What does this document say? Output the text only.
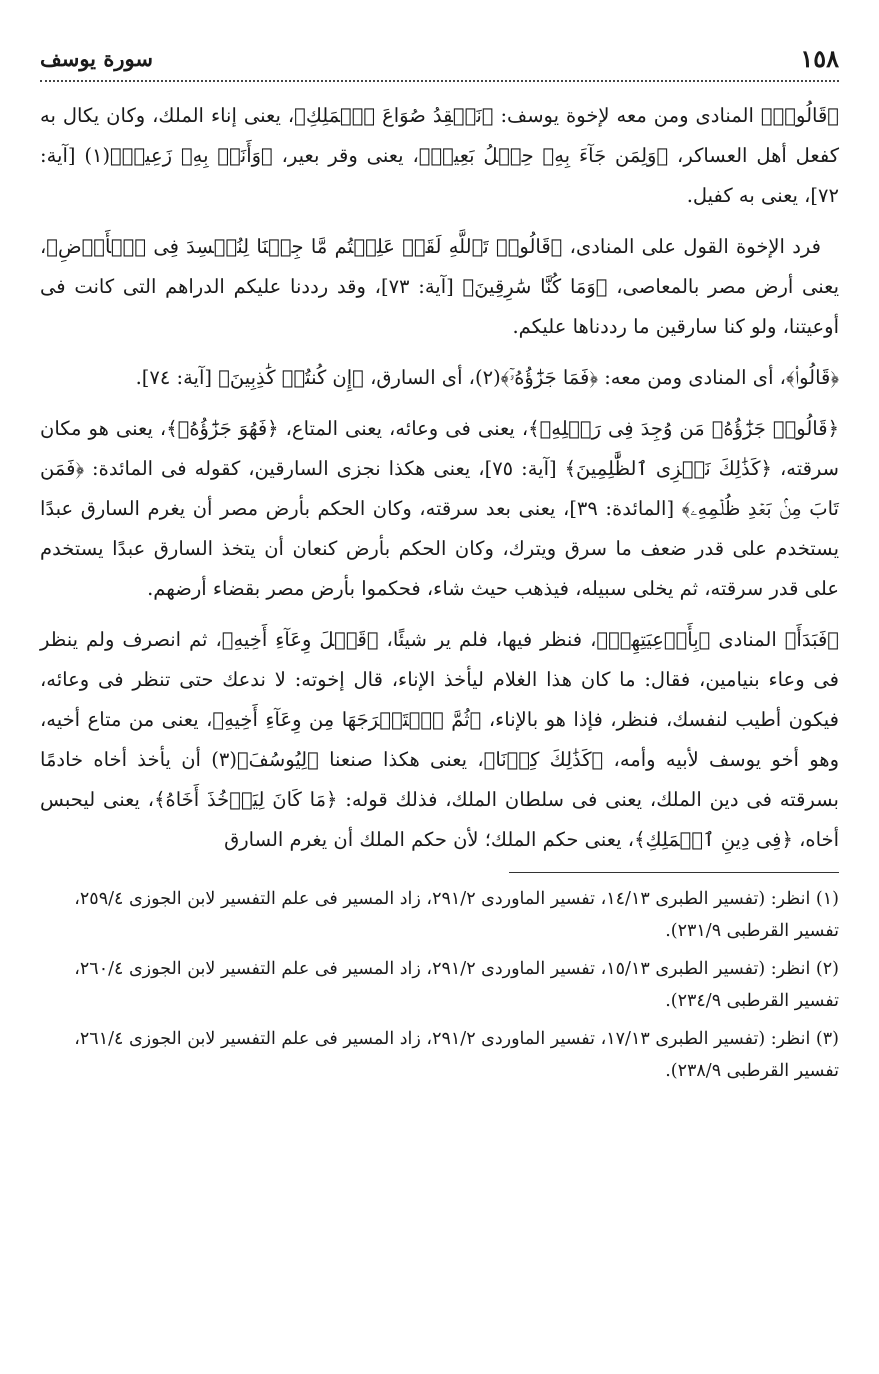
١٥٨
سورة يوسف

﴿قَالُوا۟﴾ المنادى ومن معه لإخوة يوسف: ﴿نَفۡقِدُ صُوَاعَ ٱلۡمَلِكِ﴾، يعنى إناء الملك، وكان يكال به كفعل أهل العساكر، ﴿وَلِمَن جَآءَ بِهِۦ حِمۡلُ بَعِيرٖ﴾، يعنى وقر بعير، ﴿وَأَنَا۠ بِهِۦ زَعِيمٞ﴾(١) [آية: ٧٢]، يعنى به كفيل.

فرد الإخوة القول على المنادى، ﴿قَالُوا۟ تَٱللَّهِ لَقَدۡ عَلِمۡتُم مَّا جِئۡنَا لِنُفۡسِدَ فِى ٱلۡأَرۡضِ﴾، يعنى أرض مصر بالمعاصى، ﴿وَمَا كُنَّا سَٰرِقِينَ﴾ [آية: ٧٣]، وقد رددنا عليكم الدراهم التى كانت فى أوعيتنا، ولو كنا سارقين ما رددناها عليكم.

﴿قَالُوا۟﴾، أى المنادى ومن معه: ﴿فَمَا جَزَٰٓؤُهُۥٓ﴾(٢)، أى السارق، ﴿إِن كُنتُمۡ كَٰذِبِينَ﴾ [آية: ٧٤].

﴿قَالُوا۟ جَزَٰٓؤُهُۥ مَن وُجِدَ فِى رَحۡلِهِۦ﴾، يعنى فى وعائه، يعنى المتاع، ﴿فَهُوَ جَزَٰٓؤُهُۥ﴾، يعنى هو مكان سرقته، ﴿كَذَٰلِكَ نَجۡزِى ٱلظَّٰلِمِينَ﴾ [آية: ٧٥]، يعنى هكذا نجزى السارقين، كقوله فى المائدة: ﴿فَمَن تَابَ مِنۢ بَعۡدِ ظُلۡمِهِۦ﴾ [المائدة: ٣٩]، يعنى بعد سرقته، وكان الحكم بأرض مصر أن يغرم السارق عبدًا يستخدم على قدر ضعف ما سرق ويترك، وكان الحكم بأرض كنعان أن يتخذ السارق عبدًا يستخدم على قدر سرقته، ثم يخلى سبيله، فيذهب حيث شاء، فحكموا بأرض مصر بقضاء أرضهم.

﴿فَبَدَأَ﴾ المنادى ﴿بِأَوۡعِيَتِهِمۡ﴾، فنظر فيها، فلم ير شيئًا، ﴿قَبۡلَ وِعَآءِ أَخِيهِ﴾، ثم انصرف ولم ينظر فى وعاء بنيامين، فقال: ما كان هذا الغلام ليأخذ الإناء، قال إخوته: لا ندعك حتى تنظر فى وعائه، فيكون أطيب لنفسك، فنظر، فإذا هو بالإناء، ﴿ثُمَّ ٱسۡتَخۡرَجَهَا مِن وِعَآءِ أَخِيهِ﴾، يعنى من متاع أخيه، وهو أخو يوسف لأبيه وأمه، ﴿كَذَٰلِكَ كِدۡنَا﴾، يعنى هكذا صنعنا ﴿لِيُوسُفَ﴾(٣) أن يأخذ أخاه خادمًا بسرقته فى دين الملك، يعنى فى سلطان الملك، فذلك قوله: ﴿مَا كَانَ لِيَأۡخُذَ أَخَاهُ﴾، يعنى ليحبس أخاه، ﴿فِى دِينِ ٱلۡمَلِكِ﴾، يعنى حكم الملك؛ لأن حكم الملك أن يغرم السارق

(١) انظر: (تفسير الطبرى ١٤/١٣، تفسير الماوردى ٢٩١/٢، زاد المسير فى علم التفسير لابن الجوزى ٢٥٩/٤، تفسير القرطبى ٢٣١/٩).

(٢) انظر: (تفسير الطبرى ١٥/١٣، تفسير الماوردى ٢٩١/٢، زاد المسير فى علم التفسير لابن الجوزى ٢٦٠/٤، تفسير القرطبى ٢٣٤/٩).

(٣) انظر: (تفسير الطبرى ١٧/١٣، تفسير الماوردى ٢٩١/٢، زاد المسير فى علم التفسير لابن الجوزى ٢٦١/٤، تفسير القرطبى ٢٣٨/٩).
